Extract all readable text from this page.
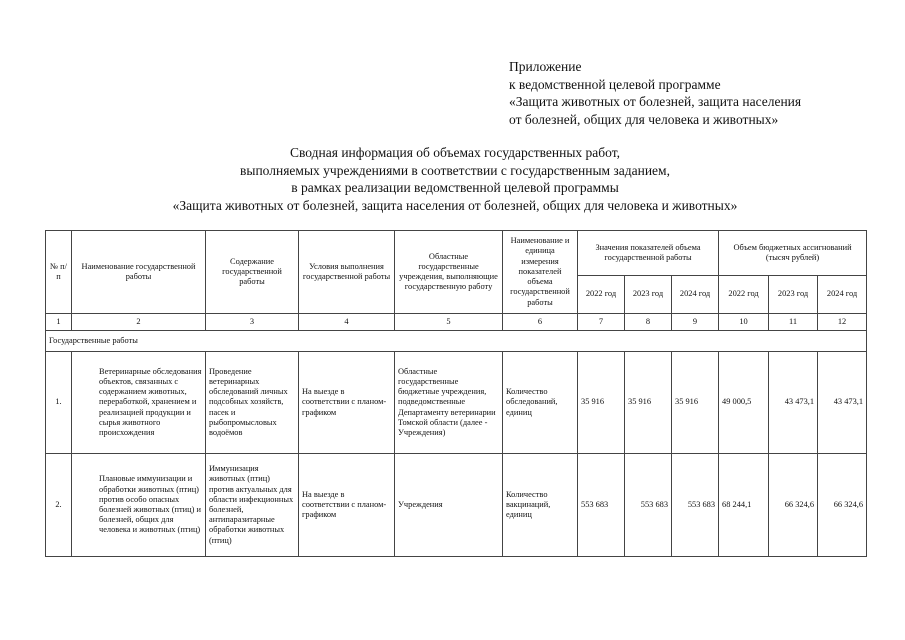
Приложение
к ведомственной целевой программе
«Защита животных от болезней, защита населения
от болезней, общих для человека и животных»
Сводная информация об объемах государственных работ,
выполняемых учреждениями в соответствии с государственным заданием,
в рамках реализации ведомственной целевой программы
«Защита животных от болезней, защита населения от болезней, общих для человека и животных»
№ п/п	Наименование государственной работы	Содержание государственной работы	Условия выполнения государственной работы	Областные государственные учреждения, выполняющие государственную работу	Наименование и единица измерения показателей объема государственной работы	Значения показателей объема государственной работы			Объем бюджетных ассигнований (тысяч рублей)		
						2022 год	2023 год	2024 год	2022 год	2023 год	2024 год
1	2	3	4	5	6	7	8	9	10	11	12
Государственные работы											
1.	Ветеринарные обследования объектов, связанных с содержанием животных, переработкой, хранением и реализацией продукции и сырья животного происхождения	Проведение ветеринарных обследований личных подсобных хозяйств, пасек и рыбопромысловых водоёмов	На выезде в соответствии с планом-графиком	Областные государственные бюджетные учреждения, подведомственные Департаменту ветеринарии Томской области (далее - Учреждения)	Количество обследований, единиц	35 916	35 916	35 916	49 000,5	43 473,1	43 473,1
2.	Плановые иммунизации и обработки животных (птиц) против особо опасных болезней животных (птиц) и болезней, общих для человека и животных (птиц)	Иммунизация животных (птиц) против актуальных для области инфекционных болезней, антипаразитарные обработки животных (птиц)	На выезде в соответствии с планом-графиком	Учреждения	Количество вакцинаций, единиц	553 683	553 683	553 683	68 244,1	66 324,6	66 324,6
